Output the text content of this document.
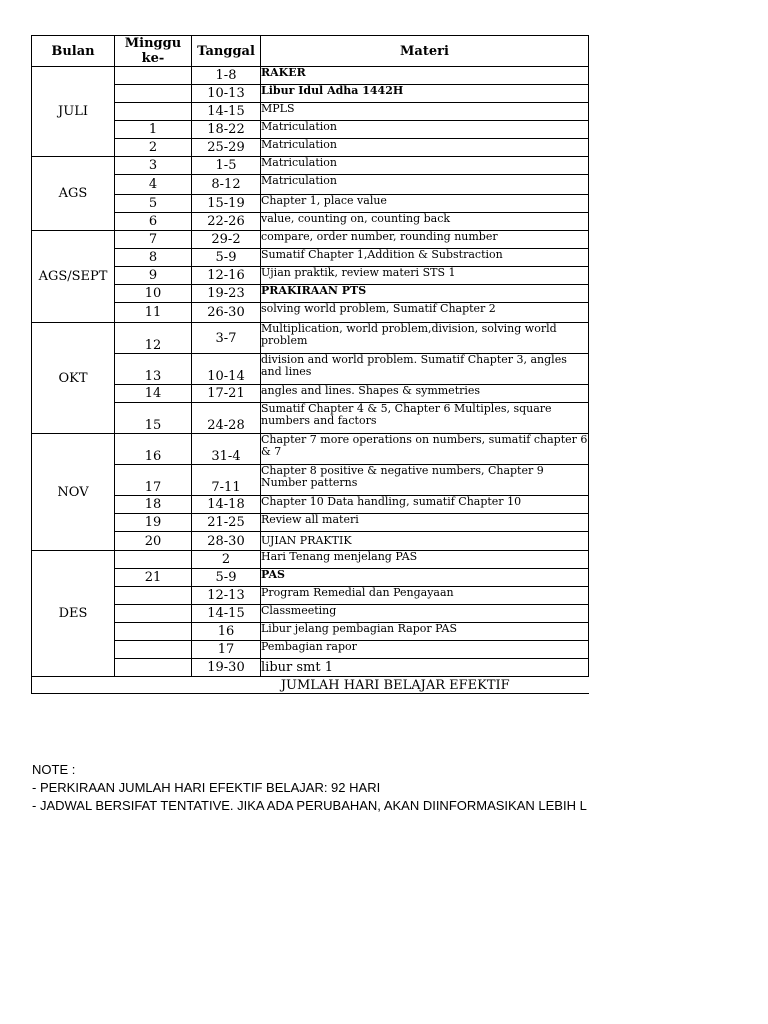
Bulan	Minggu ke-	Tanggal	Materi
JULI		1-8	RAKER
		10-13	Libur Idul Adha 1442H
		14-15	MPLS
	1	18-22	Matriculation
	2	25-29	Matriculation
AGS	3	1-5	Matriculation
	4	8-12	Matriculation
	5	15-19	Chapter 1, place value
	6	22-26	value, counting on, counting back
AGS/SEPT	7	29-2	compare, order number, rounding number
	8	5-9	Sumatif Chapter 1,Addition & Substraction
	9	12-16	Ujian praktik, review materi STS 1
	10	19-23	PRAKIRAAN PTS
	11	26-30	solving world problem, Sumatif Chapter 2
OKT	12	3-7	Multiplication, world problem,division, solving world problem
	13	10-14	division and world problem. Sumatif Chapter 3, angles and lines
	14	17-21	angles and lines. Shapes & symmetries
	15	24-28	Sumatif Chapter 4 & 5, Chapter 6 Multiples, square numbers and factors
NOV	16	31-4	Chapter 7 more operations on numbers, sumatif chapter 6 & 7
	17	7-11	Chapter 8 positive & negative numbers, Chapter 9 Number patterns
	18	14-18	Chapter 10 Data handling, sumatif Chapter 10
	19	21-25	Review all materi
	20	28-30	UJIAN PRAKTIK
DES		2	Hari Tenang menjelang PAS
	21	5-9	PAS
		12-13	Program Remedial dan Pengayaan
		14-15	Classmeeting
		16	Libur jelang pembagian Rapor PAS
		17	Pembagian rapor
		19-30	libur smt 1
JUMLAH HARI BELAJAR EFEKTIF			
NOTE :
- PERKIRAAN JUMLAH HARI EFEKTIF BELAJAR: 92 HARI
- JADWAL BERSIFAT TENTATIVE. JIKA ADA PERUBAHAN, AKAN DIINFORMASIKAN LEBIH L
